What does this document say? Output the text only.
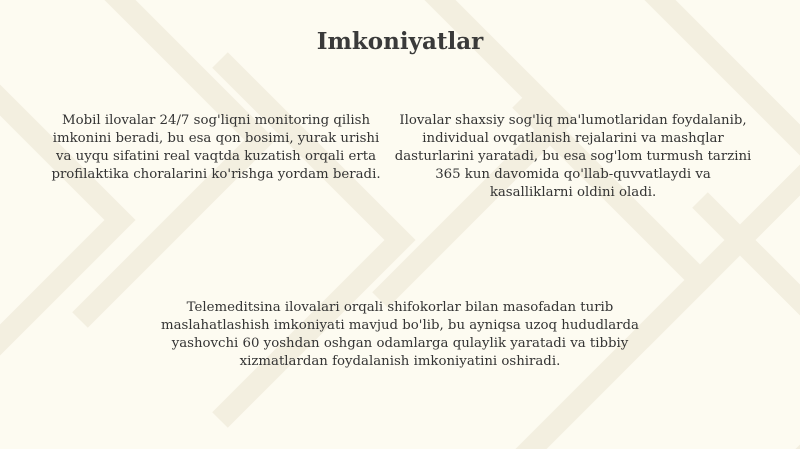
Imkoniyatlar

Mobil ilovalar 24/7 sog'liqni monitoring qilish imkonini beradi, bu esa qon bosimi, yurak urishi va uyqu sifatini real vaqtda kuzatish orqali erta profilaktika choralarini ko'rishga yordam beradi.

Ilovalar shaxsiy sog'liq ma'lumotlaridan foydalanib, individual ovqatlanish rejalarini va mashqlar dasturlarini yaratadi, bu esa sog'lom turmush tarzini 365 kun davomida qo'llab-quvvatlaydi va kasalliklarni oldini oladi.

Telemeditsina ilovalari orqali shifokorlar bilan masofadan turib maslahatlashish imkoniyati mavjud bo'lib, bu ayniqsa uzoq hududlarda yashovchi 60 yoshdan oshgan odamlarga qulaylik yaratadi va tibbiy xizmatlardan foydalanish imkoniyatini oshiradi.
